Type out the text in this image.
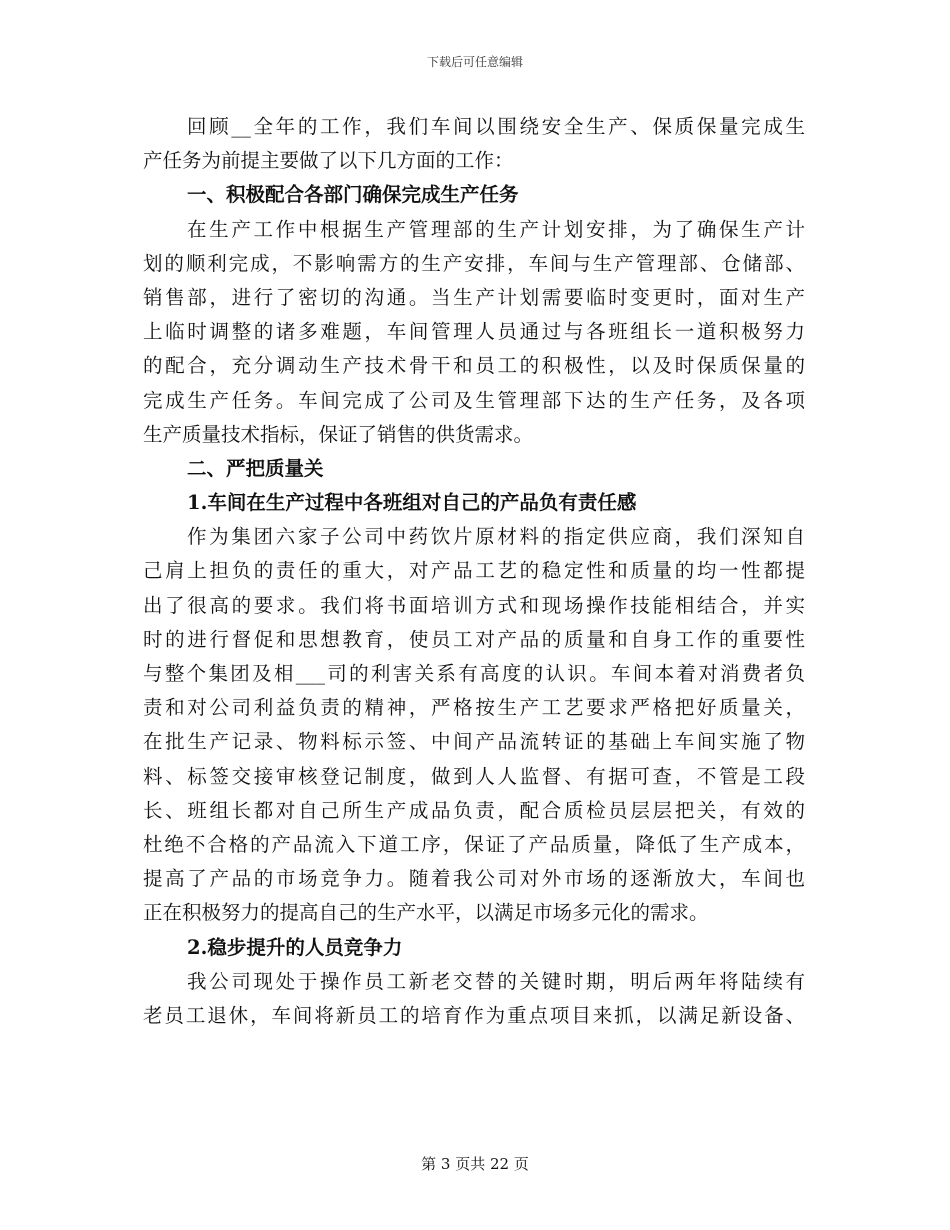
下载后可任意编辑
回顾__全年的工作，我们车间以围绕安全生产、保质保量完成生
产任务为前提主要做了以下几方面的工作：
一、积极配合各部门确保完成生产任务
在生产工作中根据生产管理部的生产计划安排，为了确保生产计
划的顺利完成，不影响需方的生产安排，车间与生产管理部、仓储部、
销售部，进行了密切的沟通。当生产计划需要临时变更时，面对生产
上临时调整的诸多难题，车间管理人员通过与各班组长一道积极努力
的配合，充分调动生产技术骨干和员工的积极性，以及时保质保量的
完成生产任务。车间完成了公司及生管理部下达的生产任务，及各项
生产质量技术指标，保证了销售的供货需求。
二、严把质量关
1.车间在生产过程中各班组对自己的产品负有责任感
作为集团六家子公司中药饮片原材料的指定供应商，我们深知自
己肩上担负的责任的重大，对产品工艺的稳定性和质量的均一性都提
出了很高的要求。我们将书面培训方式和现场操作技能相结合，并实
时的进行督促和思想教育，使员工对产品的质量和自身工作的重要性
与整个集团及相___司的利害关系有高度的认识。车间本着对消费者负
责和对公司利益负责的精神，严格按生产工艺要求严格把好质量关，
在批生产记录、物料标示签、中间产品流转证的基础上车间实施了物
料、标签交接审核登记制度，做到人人监督、有据可查，不管是工段
长、班组长都对自己所生产成品负责，配合质检员层层把关，有效的
杜绝不合格的产品流入下道工序，保证了产品质量，降低了生产成本，
提高了产品的市场竞争力。随着我公司对外市场的逐渐放大，车间也
正在积极努力的提高自己的生产水平，以满足市场多元化的需求。
2.稳步提升的人员竞争力
我公司现处于操作员工新老交替的关键时期，明后两年将陆续有
老员工退休，车间将新员工的培育作为重点项目来抓，以满足新设备、
第 3 页共 22 页
